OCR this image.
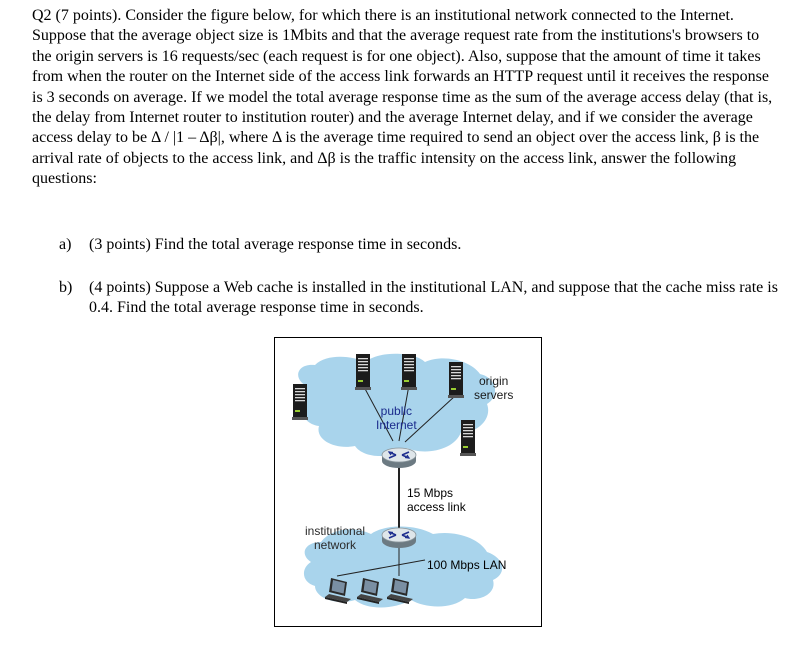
Q2 (7 points). Consider the figure below, for which there is an institutional network connected to the Internet. Suppose that the average object size is 1Mbits and that the average request rate from the institutions's browsers to the origin servers is 16 requests/sec (each request is for one object). Also, suppose that the amount of time it takes from when the router on the Internet side of the access link forwards an HTTP request until it receives the response is 3 seconds on average. If we model the total average response time as the sum of the average access delay (that is, the delay from Internet router to institution router) and the average Internet delay, and if we consider the average access delay to be Δ / |1 – Δβ|, where Δ is the average time required to send an object over the access link, β is the arrival rate of objects to the access link, and Δβ is the traffic intensity on the access link, answer the following questions:

a) (3 points) Find the total average response time in seconds.
b) (4 points) Suppose a Web cache is installed in the institutional LAN, and suppose that the cache miss rate is 0.4. Find the total average response time in seconds.
origin
servers
public
Internet
15 Mbps
access link
institutional
network
100 Mbps LAN
